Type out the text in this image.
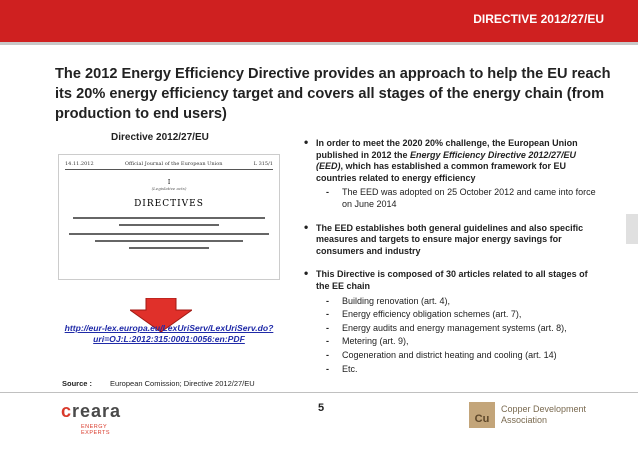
DIRECTIVE 2012/27/EU
The 2012 Energy Efficiency Directive provides an approach to help the EU reach its 20% energy efficiency target and covers all stages of the energy chain (from production to end users)
Directive 2012/27/EU
14.11.2012	Official Journal of the European Union	L 315/1
I
(Legislative acts)
DIRECTIVES
http://eur-lex.europa.eu/LexUriServ/LexUriServ.do?uri=OJ:L:2012:315:0001:0056:en:PDF
• In order to meet the 2020 20% challenge, the European Union published in 2012 the Energy Efficiency Directive 2012/27/EU (EED), which has established a common framework for EU countries related to energy efficiency
- The EED was adopted on 25 October 2012 and came into force on June 2014
• The EED establishes both general guidelines and also specific measures and targets to ensure major energy savings for consumers and industry
• This Directive is composed of 30 articles related to all stages of the EE chain
- Building renovation (art. 4),
- Energy efficiency obligation schemes (art. 7),
- Energy audits and energy management systems (art. 8),
- Metering (art. 9),
- Cogeneration and district heating and cooling (art. 14)
- Etc.
Source : European Comission; Directive 2012/27/EU
creara
ENERGY EXPERTS
5
Cu
Copper Development
Association
